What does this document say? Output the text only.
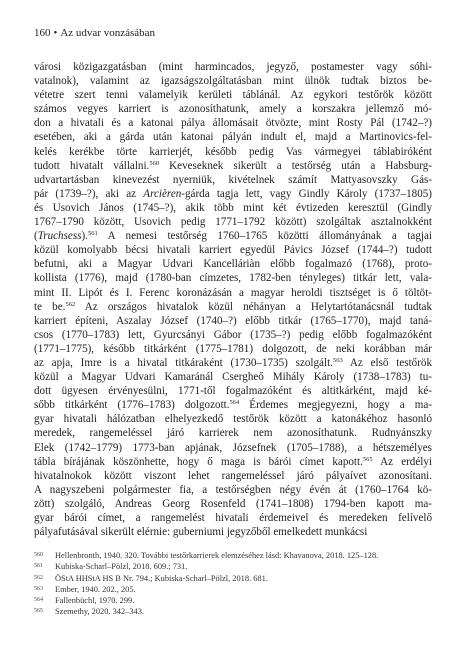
160 • Az udvar vonzásában
városi közigazgatásban (mint harmincados, jegyző, postamester vagy sóhi-
vatalnok), valamint az igazságszolgáltatásban mint ülnök tudtak biztos be-
vétetre szert tenni valamelyik kerületi táblánál. Az egykori testőrök között
számos vegyes karriert is azonosíthatunk, amely a korszakra jellemző mó-
don a hivatali és a katonai pálya állomásait ötvözte, mint Rosty Pál (1742–?)
esetében, aki a gárda után katonai pályán indult el, majd a Martinovics-fel-
kelés kerékbe törte karrierjét, később pedig Vas vármegyei táblabiróként
tudott hivatalt vállalni.$^{560}$ Keveseknek sikerült a testőrség után a Habsburg-
udvartartásban kinevezést nyerniük, kivételnek számít Mattyasovszky Gás-
pár (1739–?), aki az Arcièren-gárda tagja lett, vagy Gindly Károly (1737–1805)
és Usovich János (1745–?), akik több mint két évtizeden keresztül (Gindly
1767–1790 között, Usovich pedig 1771–1792 között) szolgáltak asztalnokként
(Truchsess).$^{561}$ A nemesi testőrség 1760–1765 közötti állományának a tagjai
közül komolyabb bécsi hivatali karriert egyedül Pávics József (1744–?) tudott
befutni, aki a Magyar Udvari Kancelláriàn előbb fogalmazó (1768), proto-
kollista (1776), majd (1780-ban címzetes, 1782-ben tényleges) titkár lett, vala-
mint II. Lipót és I. Ferenc koronázásán a magyar heroldi tisztséget is ő töltöt-
te be.$^{562}$ Az országos hivatalok közül néhányan a Helytartótanácsnál tudtak
karriert építeni, Aszalay József (1740–?) előbb titkár (1765–1770), majd taná-
csos (1770–1783) lett, Gyurcsányi Gábor (1735–?) pedig előbb fogalmazóként
(1771–1775), később titkárként (1775–1781) dolgozott, de neki korábban már
az apja, Imre is a hivatal titkáraként (1730–1735) szolgált.$^{563}$ Az első testőrök
közül a Magyar Udvari Kamaránál Csergheő Mihály Károly (1738–1783) tu-
dott ügyesen érvényesülni, 1771-től fogalmazóként és altitkárként, majd ké-
sőbb titkárként (1776–1783) dolgozott.$^{564}$ Érdemes megjegyezni, hogy a ma-
gyar hivatali hálózatban elhelyezkedő testőrök között a katonákéhoz hasonló
meredek, rangemeléssel járó karrierek nem azonosíthatunk. Rudnyánszky
Elek (1742–1779) 1773-ban apjának, Józsefnek (1705–1788), a hétszemélyes
tábla bírájának köszönhette, hogy ő maga is bárói címet kapott.$^{565}$ Az erdélyi
hivatalnokok között viszont lehet rangemeléssel járó pályaívet azonosítani.
A nagyszebeni polgármester fia, a testőrségben négy évén át (1760–1764 kö-
zött) szolgáló, Andreas Georg Rosenfeld (1741–1808) 1794-ben kapott ma-
gyar bárói címet, a rangemelést hivatali érdemeivel és meredeken felívelő
pályafutásával sikerült elérnie: guberniumi jegyzőből emelkedett munkácsi
560	Hellenbronth, 1940. 320. További testőrkarrierek elemzéséhez lásd: Khavanova, 2018. 125–128.
561	Kubiska-Scharl–Pölzl, 2018. 609.; 731.
562	ÖStA HHStA HS B Nr. 794.; Kubiska-Scharl–Pölzl, 2018. 681.
563	Ember, 1940. 202., 205.
564	Fallenbüchl, 1970. 299.
565	Szemethy, 2020. 342–343.
